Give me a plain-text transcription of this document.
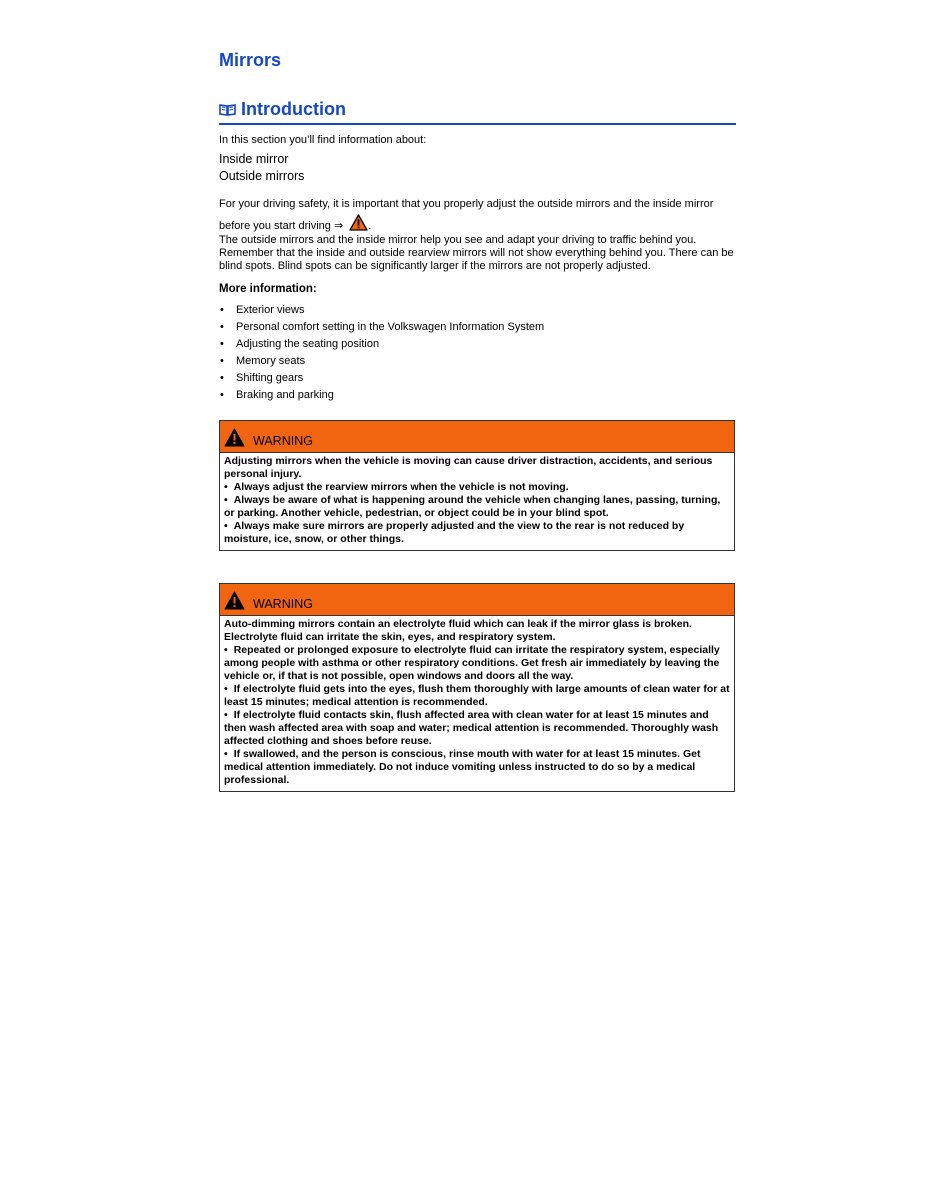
Mirrors
Introduction
In this section you’ll find information about:
Inside mirror
Outside mirrors
For your driving safety, it is important that you properly adjust the outside mirrors and the inside mirror before you start driving ⇒ .
The outside mirrors and the inside mirror help you see and adapt your driving to traffic behind you. Remember that the inside and outside rearview mirrors will not show everything behind you. There can be blind spots. Blind spots can be significantly larger if the mirrors are not properly adjusted.
More information:
• Exterior views
• Personal comfort setting in the Volkswagen Information System
• Adjusting the seating position
• Memory seats
• Shifting gears
• Braking and parking
WARNING

Adjusting mirrors when the vehicle is moving can cause driver distraction, accidents, and serious personal injury.

• Always adjust the rearview mirrors when the vehicle is not moving.

• Always be aware of what is happening around the vehicle when changing lanes, passing, turning, or parking. Another vehicle, pedestrian, or object could be in your blind spot.

• Always make sure mirrors are properly adjusted and the view to the rear is not reduced by moisture, ice, snow, or other things.

WARNING

Auto-dimming mirrors contain an electrolyte fluid which can leak if the mirror glass is broken. Electrolyte fluid can irritate the skin, eyes, and respiratory system.

• Repeated or prolonged exposure to electrolyte fluid can irritate the respiratory system, especially among people with asthma or other respiratory conditions. Get fresh air immediately by leaving the vehicle or, if that is not possible, open windows and doors all the way.

• If electrolyte fluid gets into the eyes, flush them thoroughly with large amounts of clean water for at least 15 minutes; medical attention is recommended.

• If electrolyte fluid contacts skin, flush affected area with clean water for at least 15 minutes and then wash affected area with soap and water; medical attention is recommended. Thoroughly wash affected clothing and shoes before reuse.

• If swallowed, and the person is conscious, rinse mouth with water for at least 15 minutes. Get medical attention immediately. Do not induce vomiting unless instructed to do so by a medical professional.
